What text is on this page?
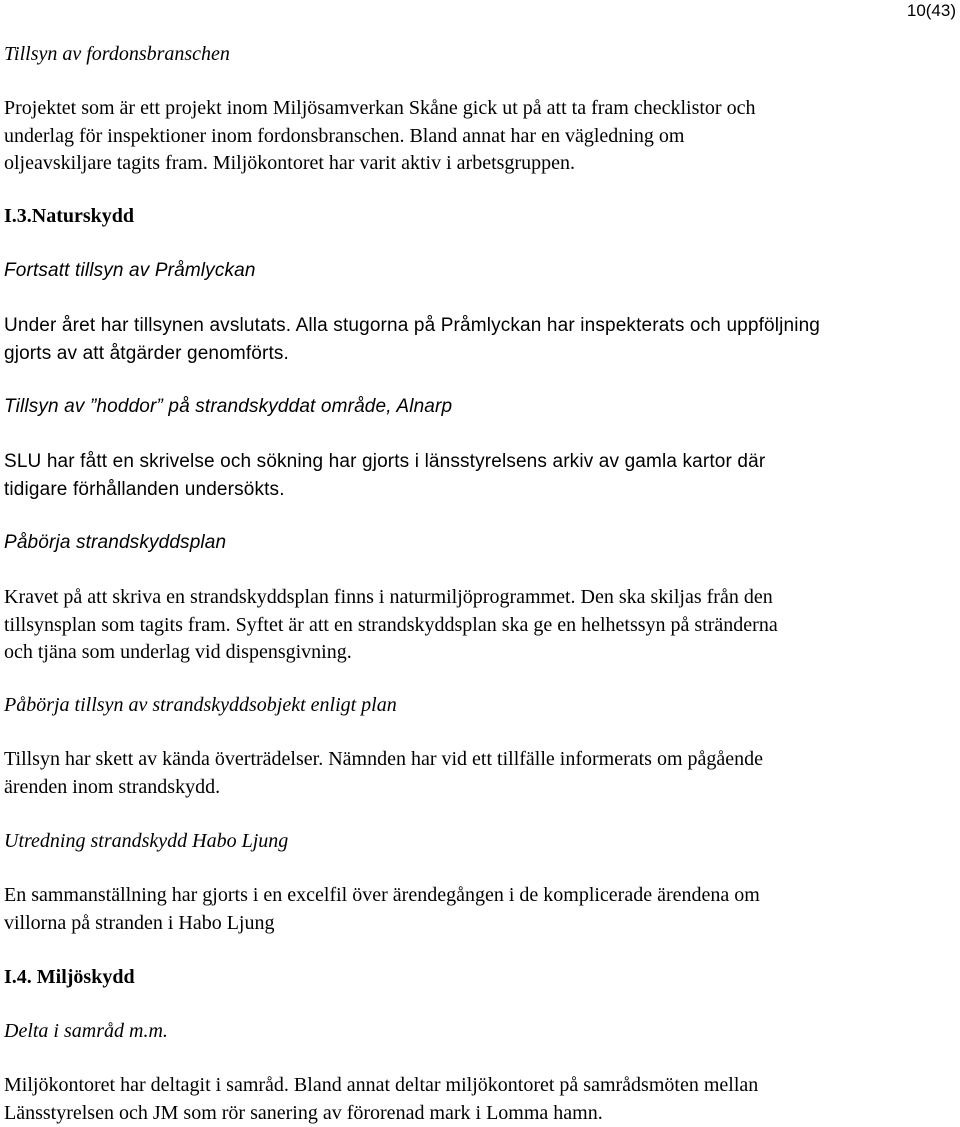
10(43)
Tillsyn av fordonsbranschen
Projektet som är ett projekt inom Miljösamverkan Skåne gick ut på att ta fram checklistor och
underlag för inspektioner inom fordonsbranschen. Bland annat har en vägledning om
oljeavskiljare tagits fram. Miljökontoret har varit aktiv i arbetsgruppen.
I.3.Naturskydd
Fortsatt tillsyn av Pråmlyckan
Under året har tillsynen avslutats. Alla stugorna på Pråmlyckan har inspekterats och uppföljning
gjorts av att åtgärder genomförts.
Tillsyn av ”hoddor” på strandskyddat område, Alnarp
SLU har fått en skrivelse och sökning har gjorts i länsstyrelsens arkiv av gamla kartor där
tidigare förhållanden undersökts.
Påbörja strandskyddsplan
Kravet på att skriva en strandskyddsplan finns i naturmiljöprogrammet. Den ska skiljas från den
tillsynsplan som tagits fram. Syftet är att en strandskyddsplan ska ge en helhetssyn på stränderna
och tjäna som underlag vid dispensgivning.
Påbörja tillsyn av strandskyddsobjekt enligt plan
Tillsyn har skett av kända överträdelser. Nämnden har vid ett tillfälle informerats om pågående
ärenden inom strandskydd.
Utredning strandskydd Habo Ljung
En sammanställning har gjorts i en excelfil över ärendegången i de komplicerade ärendena om
villorna på stranden i Habo Ljung
I.4. Miljöskydd
Delta i samråd m.m.
Miljökontoret har deltagit i samråd. Bland annat deltar miljökontoret på samrådsmöten mellan
Länsstyrelsen och JM som rör sanering av förorenad mark i Lomma hamn.
